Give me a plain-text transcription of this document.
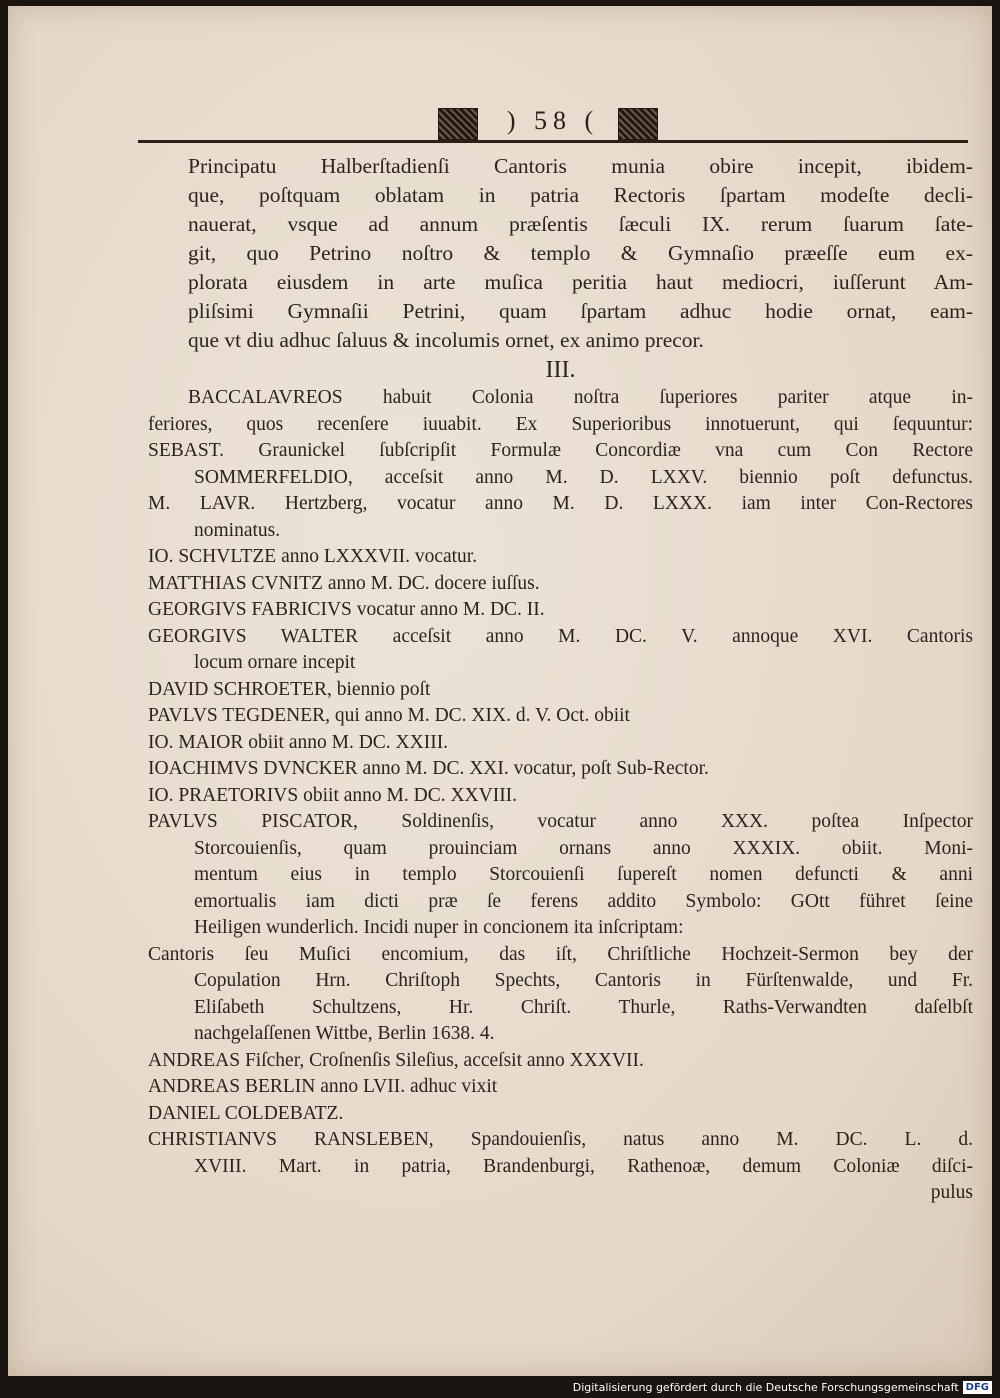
) 58 (
Principatu Halberſtadienſi Cantoris munia obire incepit, ibidem-
que, poſtquam oblatam in patria Rectoris ſpartam modeſte decli-
nauerat, vsque ad annum præſentis ſæculi IX. rerum ſuarum ſate-
git, quo Petrino noſtro & templo & Gymnaſio præeſſe eum ex-
plorata eiusdem in arte muſica peritia haut mediocri, iuſſerunt Am-
pliſsimi Gymnaſii Petrini, quam ſpartam adhuc hodie ornat, eam-
que vt diu adhuc ſaluus & incolumis ornet, ex animo precor.
III.
BACCALAVREOS habuit Colonia noſtra ſuperiores pariter atque in-
feriores, quos recenſere iuuabit. Ex Superioribus innotuerunt, qui ſequuntur:
SEBAST. Graunickel ſubſcripſit Formulæ Concordiæ vna cum Con Rectore
SOMMERFELDIO, acceſsit anno M. D. LXXV. biennio poſt defunctus.
M. LAVR. Hertzberg, vocatur anno M. D. LXXX. iam inter Con-Rectores
nominatus.
IO. SCHVLTZE anno LXXXVII. vocatur.
MATTHIAS CVNITZ anno M. DC. docere iuſſus.
GEORGIVS FABRICIVS vocatur anno M. DC. II.
GEORGIVS WALTER acceſsit anno M. DC. V. annoque XVI. Cantoris
locum ornare incepit
DAVID SCHROETER, biennio poſt
PAVLVS TEGDENER, qui anno M. DC. XIX. d. V. Oct. obiit
IO. MAIOR obiit anno M. DC. XXIII.
IOACHIMVS DVNCKER anno M. DC. XXI. vocatur, poſt Sub-Rector.
IO. PRAETORIVS obiit anno M. DC. XXVIII.
PAVLVS PISCATOR, Soldinenſis, vocatur anno XXX. poſtea Inſpector
Storcouienſis, quam prouinciam ornans anno XXXIX. obiit. Moni-
mentum eius in templo Storcouienſi ſupereſt nomen defuncti & anni
emortualis iam dicti præ ſe ferens addito Symbolo: GOtt führet ſeine
Heiligen wunderlich. Incidi nuper in concionem ita inſcriptam:
Cantoris ſeu Muſici encomium, das iſt, Chriſtliche Hochzeit-Sermon bey der
Copulation Hrn. Chriſtoph Spechts, Cantoris in Fürſtenwalde, und Fr.
Eliſabeth Schultzens, Hr. Chriſt. Thurle, Raths-Verwandten daſelbſt
nachgelaſſenen Wittbe, Berlin 1638. 4.
ANDREAS Fiſcher, Croſnenſis Sileſius, acceſsit anno XXXVII.
ANDREAS BERLIN anno LVII. adhuc vixit
DANIEL COLDEBATZ.
CHRISTIANVS RANSLEBEN, Spandouienſis, natus anno M. DC. L. d.
XVIII. Mart. in patria, Brandenburgi, Rathenoæ, demum Coloniæ diſci-
pulus
Digitalisierung gefördert durch die Deutsche Forschungsgemeinschaft DFG
